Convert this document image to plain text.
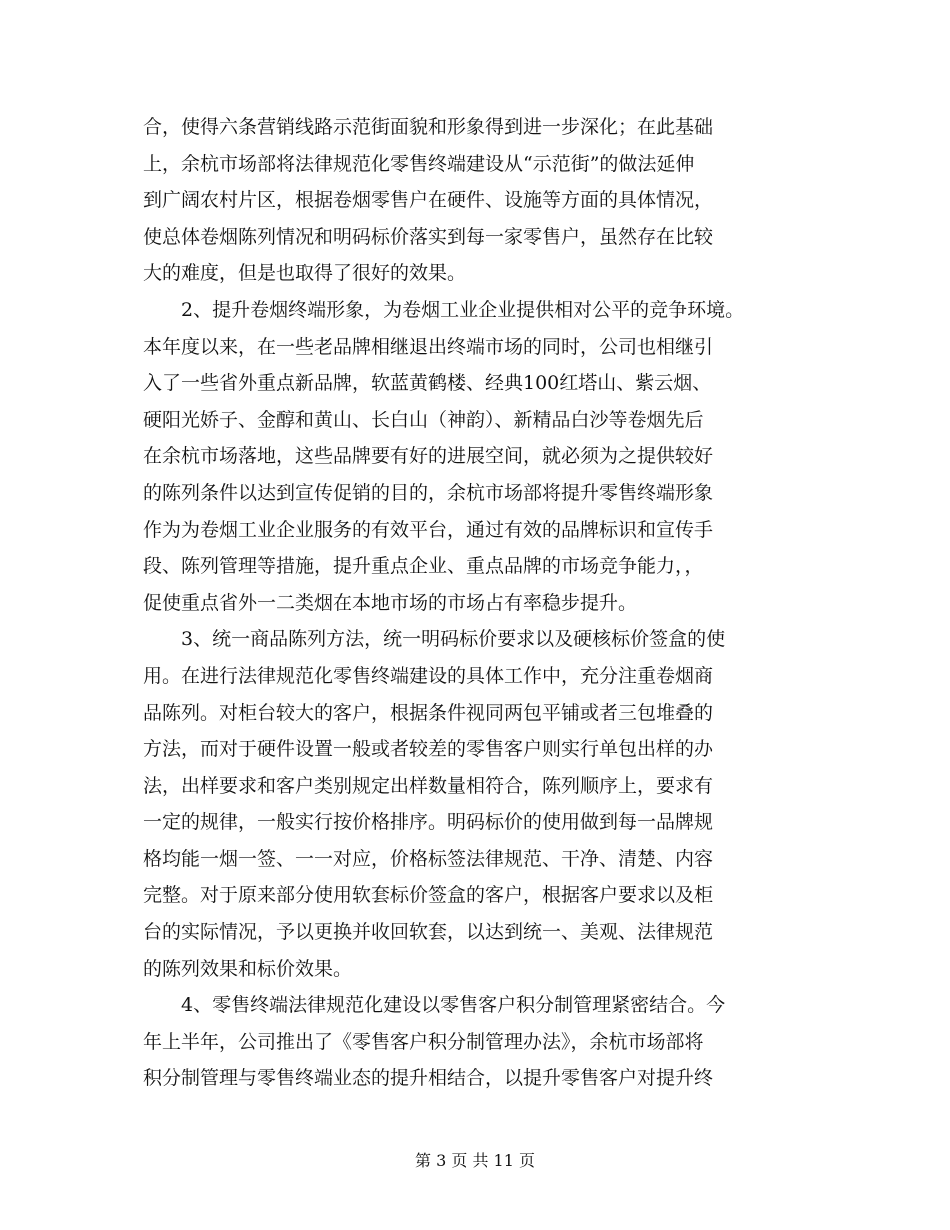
合，使得六条营销线路示范街面貌和形象得到进一步深化；在此基础
上，余杭市场部将法律规范化零售终端建设从“示范街”的做法延伸
到广阔农村片区，根据卷烟零售户在硬件、设施等方面的具体情况，
使总体卷烟陈列情况和明码标价落实到每一家零售户，虽然存在比较
大的难度，但是也取得了很好的效果。
　　2、提升卷烟终端形象，为卷烟工业企业提供相对公平的竞争环境。
本年度以来，在一些老品牌相继退出终端市场的同时，公司也相继引
入了一些省外重点新品牌，软蓝黄鹤楼、经典100红塔山、紫云烟、
硬阳光娇子、金醇和黄山、长白山（神韵）、新精品白沙等卷烟先后
在余杭市场落地，这些品牌要有好的进展空间，就必须为之提供较好
的陈列条件以达到宣传促销的目的，余杭市场部将提升零售终端形象
作为为卷烟工业企业服务的有效平台，通过有效的品牌标识和宣传手
段、陈列管理等措施，提升重点企业、重点品牌的市场竞争能力，，
促使重点省外一二类烟在本地市场的市场占有率稳步提升。
　　3、统一商品陈列方法，统一明码标价要求以及硬核标价签盒的使
用。在进行法律规范化零售终端建设的具体工作中，充分注重卷烟商
品陈列。对柜台较大的客户，根据条件视同两包平铺或者三包堆叠的
方法，而对于硬件设置一般或者较差的零售客户则实行单包出样的办
法，出样要求和客户类别规定出样数量相符合，陈列顺序上，要求有
一定的规律，一般实行按价格排序。明码标价的使用做到每一品牌规
格均能一烟一签、一一对应，价格标签法律规范、干净、清楚、内容
完整。对于原来部分使用软套标价签盒的客户，根据客户要求以及柜
台的实际情况，予以更换并收回软套，以达到统一、美观、法律规范
的陈列效果和标价效果。
　　4、零售终端法律规范化建设以零售客户积分制管理紧密结合。今
年上半年，公司推出了《零售客户积分制管理办法》，余杭市场部将
积分制管理与零售终端业态的提升相结合，以提升零售客户对提升终
第 3 页 共 11 页
